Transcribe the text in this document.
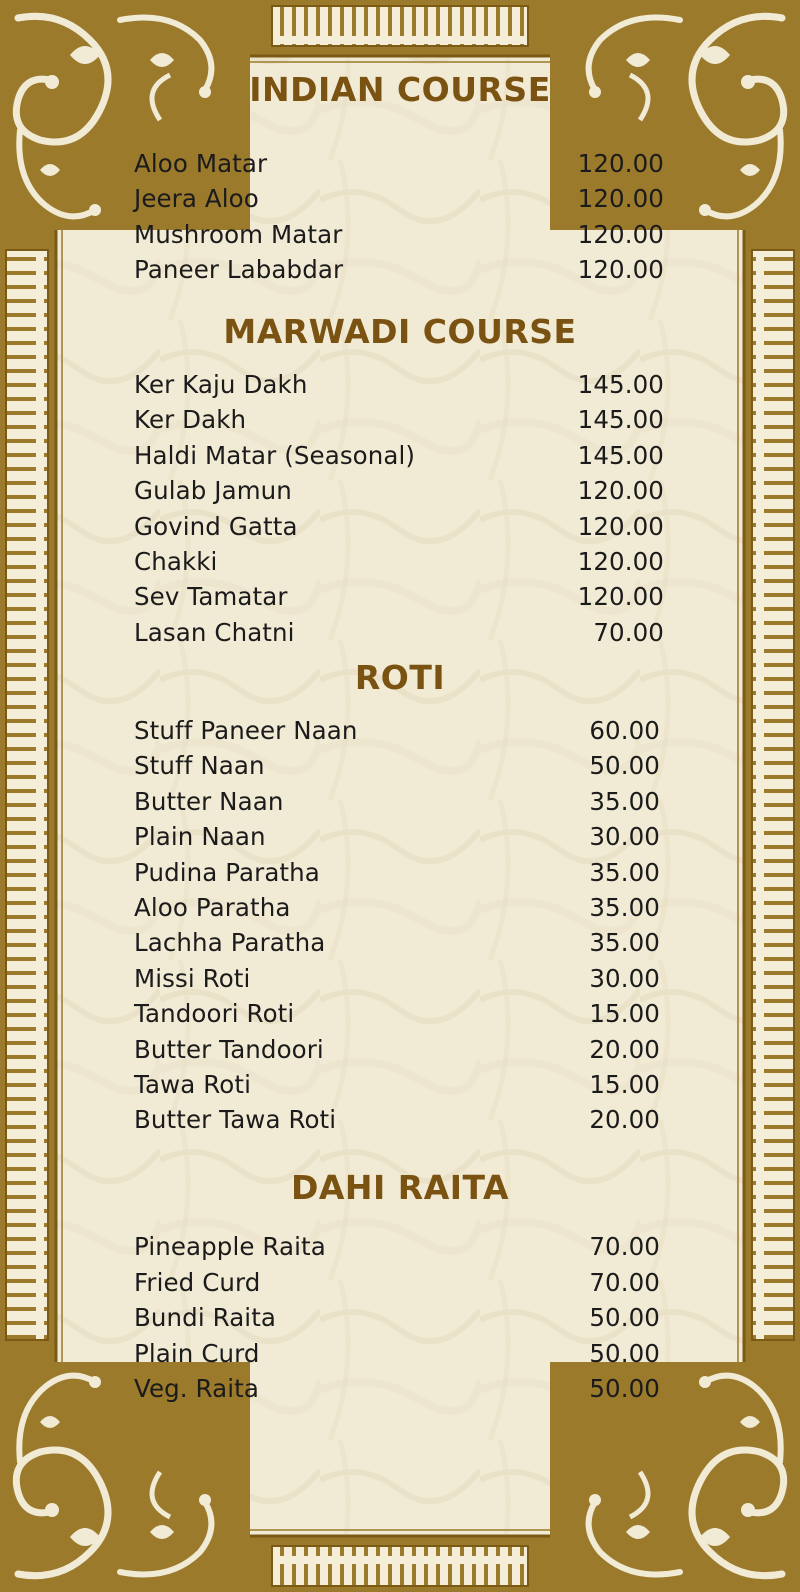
INDIAN COURSE
Aloo Matar	120.00
Jeera Aloo	120.00
Mushroom Matar	120.00
Paneer Lababdar	120.00
MARWADI COURSE
Ker Kaju Dakh	145.00
Ker Dakh	145.00
Haldi Matar (Seasonal)	145.00
Gulab Jamun	120.00
Govind Gatta	120.00
Chakki	120.00
Sev Tamatar	120.00
Lasan Chatni	70.00
ROTI
Stuff Paneer Naan	60.00
Stuff Naan	50.00
Butter Naan	35.00
Plain Naan	30.00
Pudina Paratha	35.00
Aloo Paratha	35.00
Lachha Paratha	35.00
Missi Roti	30.00
Tandoori Roti	15.00
Butter Tandoori	20.00
Tawa Roti	15.00
Butter Tawa Roti	20.00
DAHI RAITA
Pineapple Raita	70.00
Fried Curd	70.00
Bundi Raita	50.00
Plain Curd	50.00
Veg. Raita	50.00
